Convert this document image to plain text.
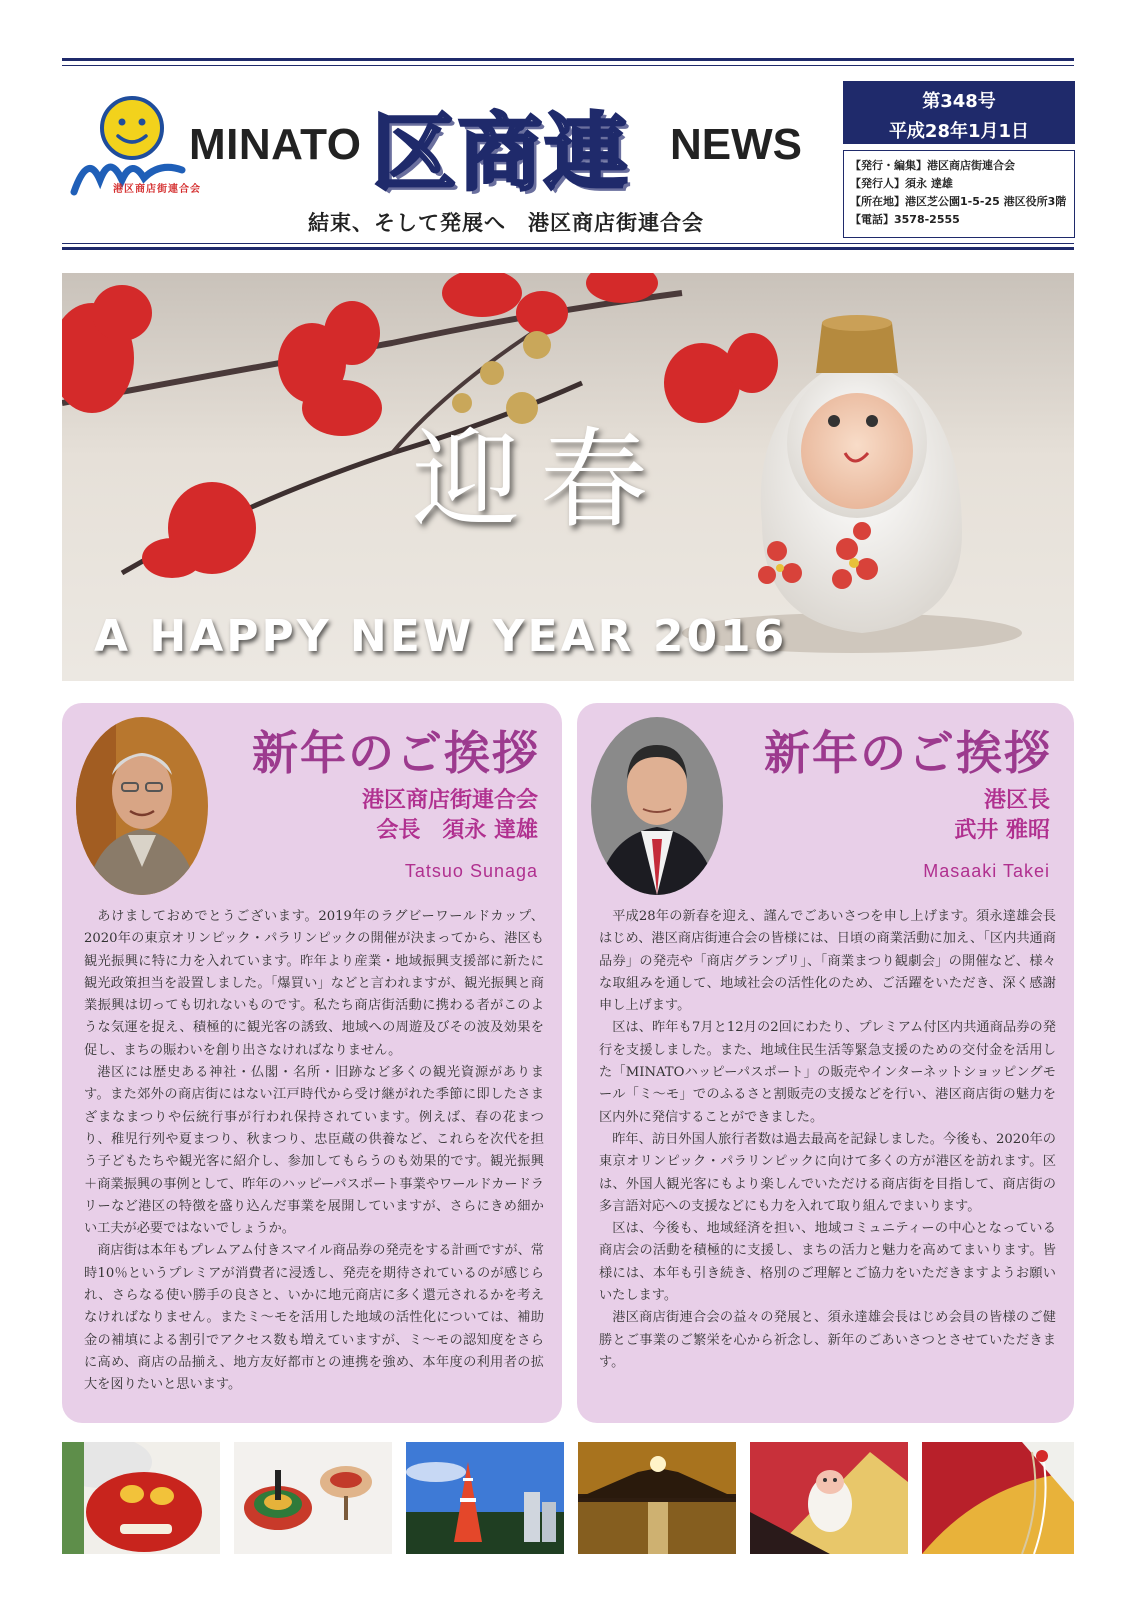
港区商店街連合会
MINATO 区商連 NEWS
結束、そして発展へ　港区商店街連合会
第348号
平成28年1月1日
【発行・編集】港区商店街連合会
【発行人】須永 達雄
【所在地】港区芝公園1-5-25 港区役所3階
【電話】3578-2555
迎春
A HAPPY NEW YEAR 2016
新年のご挨拶
港区商店街連合会
会長　須永 達雄
Tatsuo Sunaga

あけましておめでとうございます。2019年のラグビーワールドカップ、2020年の東京オリンピック・パラリンピックの開催が決まってから、港区も観光振興に特に力を入れています。昨年より産業・地域振興支援部に新たに観光政策担当を設置しました。「爆買い」などと言われますが、観光振興と商業振興は切っても切れないものです。私たち商店街活動に携わる者がこのような気運を捉え、積極的に観光客の誘致、地域への周遊及びその波及効果を促し、まちの賑わいを創り出さなければなりません。

港区には歴史ある神社・仏閣・名所・旧跡など多くの観光資源があります。また郊外の商店街にはない江戸時代から受け継がれた季節に即したさまざまなまつりや伝統行事が行われ保持されています。例えば、春の花まつり、稚児行列や夏まつり、秋まつり、忠臣蔵の供養など、これらを次代を担う子どもたちや観光客に紹介し、参加してもらうのも効果的です。観光振興＋商業振興の事例として、昨年のハッピーパスポート事業やワールドカードラリーなど港区の特徴を盛り込んだ事業を展開していますが、さらにきめ細かい工夫が必要ではないでしょうか。

商店街は本年もプレムアム付きスマイル商品券の発売をする計画ですが、常時10％というプレミアが消費者に浸透し、発売を期待されているのが感じられ、さらなる使い勝手の良さと、いかに地元商店に多く還元されるかを考えなければなりません。またミ〜モを活用した地域の活性化については、補助金の補填による割引でアクセス数も増えていますが、ミ〜モの認知度をさらに高め、商店の品揃え、地方友好都市との連携を強め、本年度の利用者の拡大を図りたいと思います。

新年のご挨拶
港区長
武井 雅昭
Masaaki Takei

平成28年の新春を迎え、謹んでごあいさつを申し上げます。須永達雄会長はじめ、港区商店街連合会の皆様には、日頃の商業活動に加え、「区内共通商品券」の発売や「商店グランプリ」、「商業まつり観劇会」の開催など、様々な取組みを通して、地域社会の活性化のため、ご活躍をいただき、深く感謝申し上げます。

区は、昨年も7月と12月の2回にわたり、プレミアム付区内共通商品券の発行を支援しました。また、地域住民生活等緊急支援のための交付金を活用した「MINATOハッピーパスポート」の販売やインターネットショッピングモール「ミ〜モ」でのふるさと割販売の支援などを行い、港区商店街の魅力を区内外に発信することができました。

昨年、訪日外国人旅行者数は過去最高を記録しました。今後も、2020年の東京オリンピック・パラリンピックに向けて多くの方が港区を訪れます。区は、外国人観光客にもより楽しんでいただける商店街を目指して、商店街の多言語対応への支援などにも力を入れて取り組んでまいります。

区は、今後も、地域経済を担い、地域コミュニティーの中心となっている商店会の活動を積極的に支援し、まちの活力と魅力を高めてまいります。皆様には、本年も引き続き、格別のご理解とご協力をいただきますようお願いいたします。

港区商店街連合会の益々の発展と、須永達雄会長はじめ会員の皆様のご健勝とご事業のご繁栄を心から祈念し、新年のごあいさつとさせていただきます。
